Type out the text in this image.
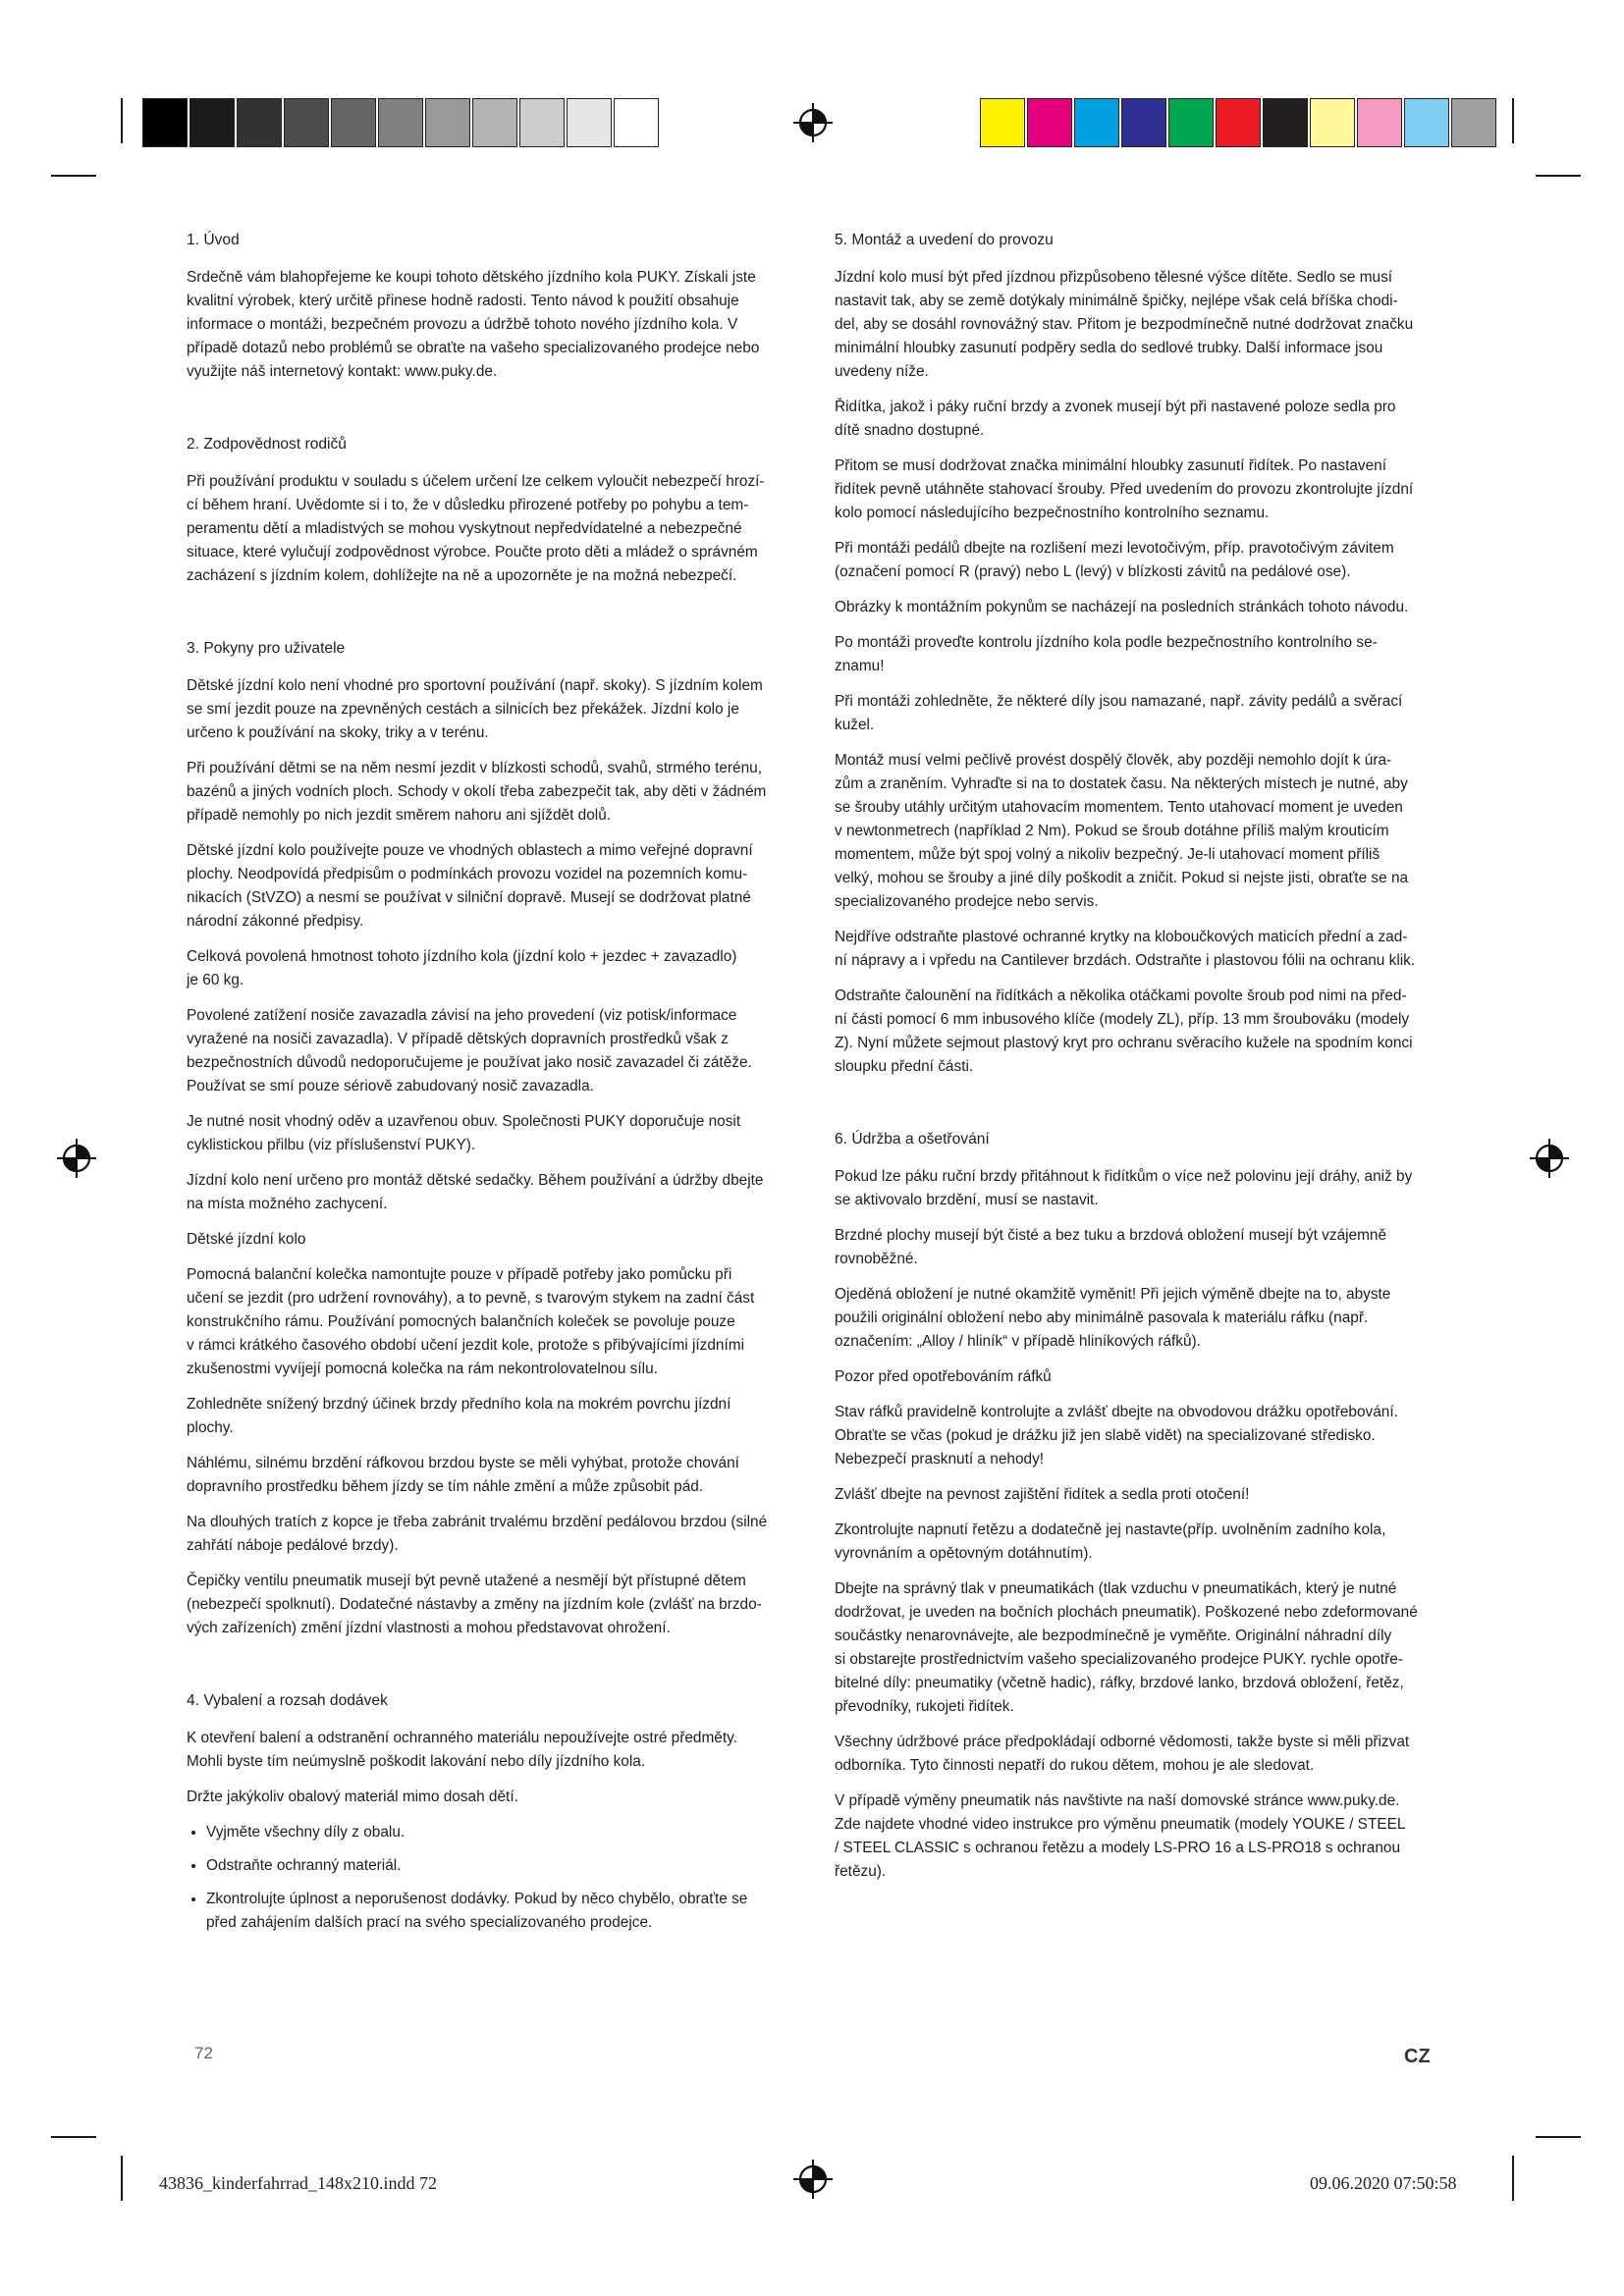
1. Úvod
Srdečně vám blahopřejeme ke koupi tohoto dětského jízdního kola PUKY. Získali jste
kvalitní výrobek, který určitě přinese hodně radosti. Tento návod k použití obsahuje
informace o montáži, bezpečném provozu a údržbě tohoto nového jízdního kola. V
případě dotazů nebo problémů se obraťte na vašeho specializovaného prodejce nebo
využijte náš internetový kontakt: www.puky.de.
2. Zodpovědnost rodičů
Při používání produktu v souladu s účelem určení lze celkem vyloučit nebezpečí hrozí-
cí během hraní. Uvědomte si i to, že v důsledku přirozené potřeby po pohybu a tem-
peramentu dětí a mladistvých se mohou vyskytnout nepředvídatelné a nebezpečné
situace, které vylučují zodpovědnost výrobce. Poučte proto děti a mládež o správném
zacházení s jízdním kolem, dohlížejte na ně a upozorněte je na možná nebezpečí.
3. Pokyny pro uživatele
Dětské jízdní kolo není vhodné pro sportovní používání (např. skoky). S jízdním kolem
se smí jezdit pouze na zpevněných cestách a silnicích bez překážek. Jízdní kolo je
určeno k používání na skoky, triky a v terénu.
Při používání dětmi se na něm nesmí jezdit v blízkosti schodů, svahů, strmého terénu,
bazénů a jiných vodních ploch. Schody v okolí třeba zabezpečit tak, aby děti v žádném
případě nemohly po nich jezdit směrem nahoru ani sjíždět dolů.
Dětské jízdní kolo používejte pouze ve vhodných oblastech a mimo veřejné dopravní
plochy. Neodpovídá předpisům o podmínkách provozu vozidel na pozemních komu-
nikacích (StVZO) a nesmí se používat v silniční dopravě. Musejí se dodržovat platné
národní zákonné předpisy.
Celková povolená hmotnost tohoto jízdního kola (jízdní kolo + jezdec + zavazadlo)
je 60 kg.
Povolené zatížení nosiče zavazadla závisí na jeho provedení (viz potisk/informace
vyražené na nosiči zavazadla). V případě dětských dopravních prostředků však z
bezpečnostních důvodů nedoporučujeme je používat jako nosič zavazadel či zátěže.
Používat se smí pouze sériově zabudovaný nosič zavazadla.
Je nutné nosit vhodný oděv a uzavřenou obuv. Společnosti PUKY doporučuje nosit
cyklistickou přilbu (viz příslušenství PUKY).
Jízdní kolo není určeno pro montáž dětské sedačky. Během používání a údržby dbejte
na místa možného zachycení.
Dětské jízdní kolo
Pomocná balanční kolečka namontujte pouze v případě potřeby jako pomůcku při
učení se jezdit (pro udržení rovnováhy), a to pevně, s tvarovým stykem na zadní část
konstrukčního rámu. Používání pomocných balančních koleček se povoluje pouze
v rámci krátkého časového období učení jezdit kole, protože s přibývajícími jízdními
zkušenostmi vyvíjejí pomocná kolečka na rám nekontrolovatelnou sílu.
Zohledněte snížený brzdný účinek brzdy předního kola na mokrém povrchu jízdní
plochy.
Náhlému, silnému brzdění ráfkovou brzdou byste se měli vyhýbat, protože chování
dopravního prostředku během jízdy se tím náhle změní a může způsobit pád.
Na dlouhých tratích z kopce je třeba zabránit trvalému brzdění pedálovou brzdou (silné
zahřátí náboje pedálové brzdy).
Čepičky ventilu pneumatik musejí být pevně utažené a nesmějí být přístupné dětem
(nebezpečí spolknutí). Dodatečné nástavby a změny na jízdním kole (zvlášť na brzdo-
vých zařízeních) změní jízdní vlastnosti a mohou představovat ohrožení.
4. Vybalení a rozsah dodávek
K otevření balení a odstranění ochranného materiálu nepoužívejte ostré předměty.
Mohli byste tím neúmyslně poškodit lakování nebo díly jízdního kola.
Držte jakýkoliv obalový materiál mimo dosah dětí.
• Vyjměte všechny díly z obalu.
• Odstraňte ochranný materiál.
• Zkontrolujte úplnost a neporušenost dodávky. Pokud by něco chybělo, obraťte se
před zahájením dalších prací na svého specializovaného prodejce.
5. Montáž a uvedení do provozu
Jízdní kolo musí být před jízdnou přizpůsobeno tělesné výšce dítěte. Sedlo se musí
nastavit tak, aby se země dotýkaly minimálně špičky, nejlépe však celá bříška chodi-
del, aby se dosáhl rovnovážný stav. Přitom je bezpodmínečně nutné dodržovat značku
minimální hloubky zasunutí podpěry sedla do sedlové trubky. Další informace jsou
uvedeny níže.
Řidítka, jakož i páky ruční brzdy a zvonek musejí být při nastavené poloze sedla pro
dítě snadno dostupné.
Přitom se musí dodržovat značka minimální hloubky zasunutí řidítek. Po nastavení
řidítek pevně utáhněte stahovací šrouby. Před uvedením do provozu zkontrolujte jízdní
kolo pomocí následujícího bezpečnostního kontrolního seznamu.
Při montáži pedálů dbejte na rozlišení mezi levotočivým, příp. pravotočivým závitem
(označení pomocí R (pravý) nebo L (levý) v blízkosti závitů na pedálové ose).
Obrázky k montážním pokynům se nacházejí na posledních stránkách tohoto návodu.
Po montáži proveďte kontrolu jízdního kola podle bezpečnostního kontrolního se-
znamu!
Při montáži zohledněte, že některé díly jsou namazané, např. závity pedálů a svěrací
kužel.
Montáž musí velmi pečlivě provést dospělý člověk, aby později nemohlo dojít k úra-
zům a zraněním. Vyhraďte si na to dostatek času. Na některých místech je nutné, aby
se šrouby utáhly určitým utahovacím momentem. Tento utahovací moment je uveden
v newtonmetrech (například 2 Nm). Pokud se šroub dotáhne příliš malým krouticím
momentem, může být spoj volný a nikoliv bezpečný. Je-li utahovací moment příliš
velký, mohou se šrouby a jiné díly poškodit a zničit. Pokud si nejste jisti, obraťte se na
specializovaného prodejce nebo servis.
Nejdříve odstraňte plastové ochranné krytky na kloboučkových maticích přední a zad-
ní nápravy a i vpředu na Cantilever brzdách. Odstraňte i plastovou fólii na ochranu klik.
Odstraňte čalounění na řidítkách a několika otáčkami povolte šroub pod nimi na před-
ní části pomocí 6 mm inbusového klíče (modely ZL), příp. 13 mm šroubováku (modely
Z). Nyní můžete sejmout plastový kryt pro ochranu svěracího kužele na spodním konci
sloupku přední části.
6. Údržba a ošetřování
Pokud lze páku ruční brzdy přitáhnout k řidítkům o více než polovinu její dráhy, aniž by
se aktivovalo brzdění, musí se nastavit.
Brzdné plochy musejí být čisté a bez tuku a brzdová obložení musejí být vzájemně
rovnoběžné.
Ojeděná obložení je nutné okamžitě vyměnit! Při jejich výměně dbejte na to, abyste
použili originální obložení nebo aby minimálně pasovala k materiálu ráfku (např.
označením: „Alloy / hliník“ v případě hliníkových ráfků).
Pozor před opotřebováním ráfků
Stav ráfků pravidelně kontrolujte a zvlášť dbejte na obvodovou drážku opotřebování.
Obraťte se včas (pokud je drážku již jen slabě vidět) na specializované středisko.
Nebezpečí prasknutí a nehody!
Zvlášť dbejte na pevnost zajištění řidítek a sedla proti otočení!
Zkontrolujte napnutí řetězu a dodatečně jej nastavte(příp. uvolněním zadního kola,
vyrovnáním a opětovným dotáhnutím).
Dbejte na správný tlak v pneumatikách (tlak vzduchu v pneumatikách, který je nutné
dodržovat, je uveden na bočních plochách pneumatik). Poškozené nebo zdeformované
součástky nenarovnávejte, ale bezpodmínečně je vyměňte. Originální náhradní díly
si obstarejte prostřednictvím vašeho specializovaného prodejce PUKY. rychle opotře-
bitelné díly: pneumatiky (včetně hadic), ráfky, brzdové lanko, brzdová obložení, řetěz,
převodníky, rukojeti řidítek.
Všechny údržbové práce předpokládají odborné vědomosti, takže byste si měli přizvat
odborníka. Tyto činnosti nepatří do rukou dětem, mohou je ale sledovat.
V případě výměny pneumatik nás navštivte na naší domovské stránce www.puky.de.
Zde najdete vhodné video instrukce pro výměnu pneumatik (modely YOUKE / STEEL
/ STEEL CLASSIC s ochranou řetězu a modely LS-PRO 16 a LS-PRO18 s ochranou
řetězu).
72	CZ
43836_kinderfahrrad_148x210.indd 72	09.06.2020 07:50:58
